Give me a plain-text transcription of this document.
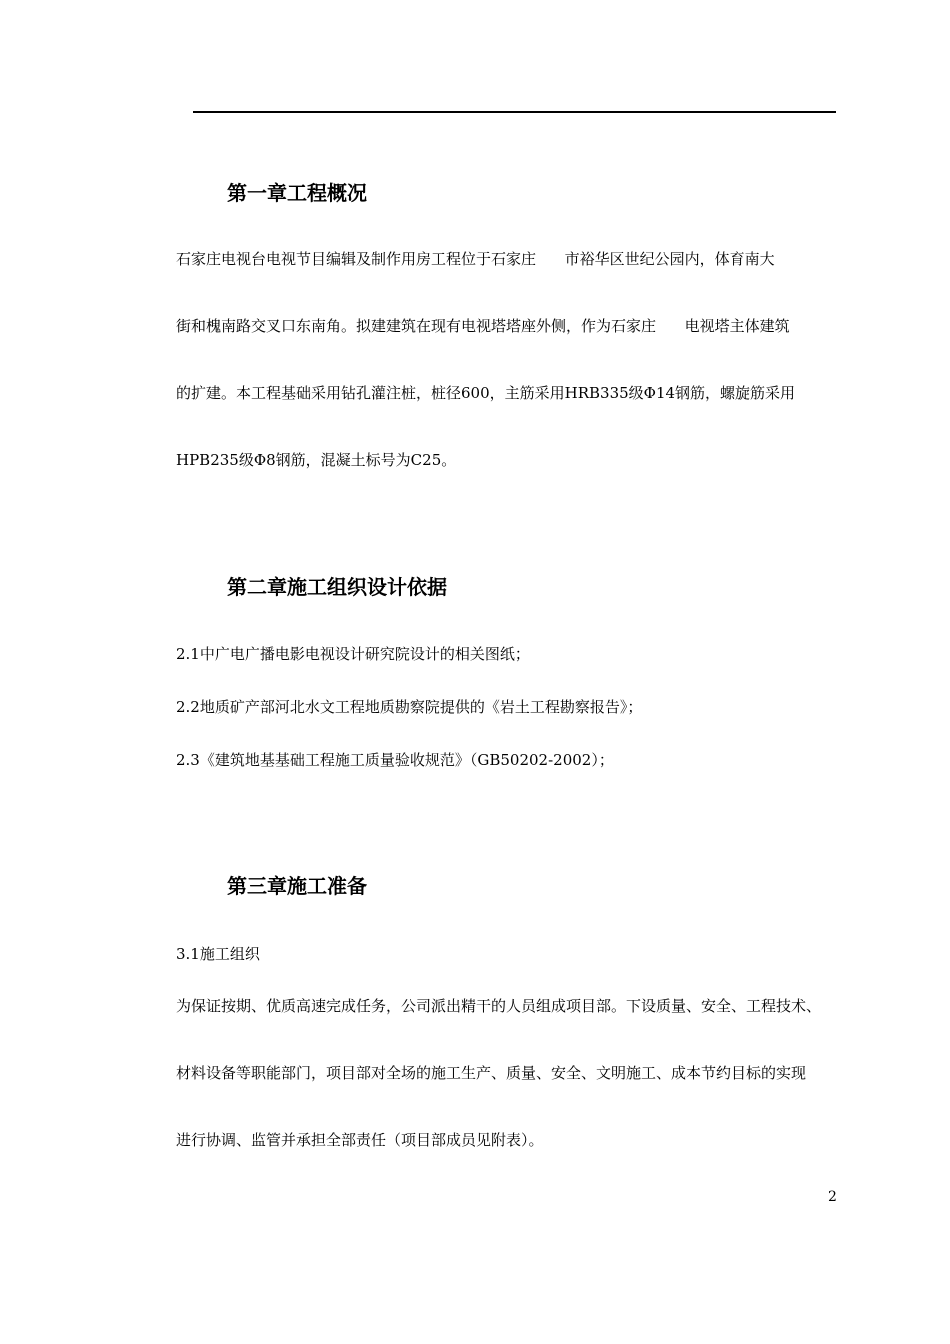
第一章工程概况

石家庄电视台电视节目编辑及制作用房工程位于石家庄      市裕华区世纪公园内，体育南大

街和槐南路交叉口东南角。拟建建筑在现有电视塔塔座外侧，作为石家庄      电视塔主体建筑

的扩建。本工程基础采用钻孔灌注桩，桩径600，主筋采用HRB335级Φ14钢筋，螺旋筋采用

HPB235级Φ8钢筋，混凝土标号为C25。

第二章施工组织设计依据

2.1中广电广播电影电视设计研究院设计的相关图纸；

2.2地质矿产部河北水文工程地质勘察院提供的《岩土工程勘察报告》；

2.3《建筑地基基础工程施工质量验收规范》（GB50202-2002）；

第三章施工准备

3.1施工组织

为保证按期、优质高速完成任务，公司派出精干的人员组成项目部。下设质量、安全、工程技术、

材料设备等职能部门，项目部对全场的施工生产、质量、安全、文明施工、成本节约目标的实现

进行协调、监管并承担全部责任（项目部成员见附表）。

2
